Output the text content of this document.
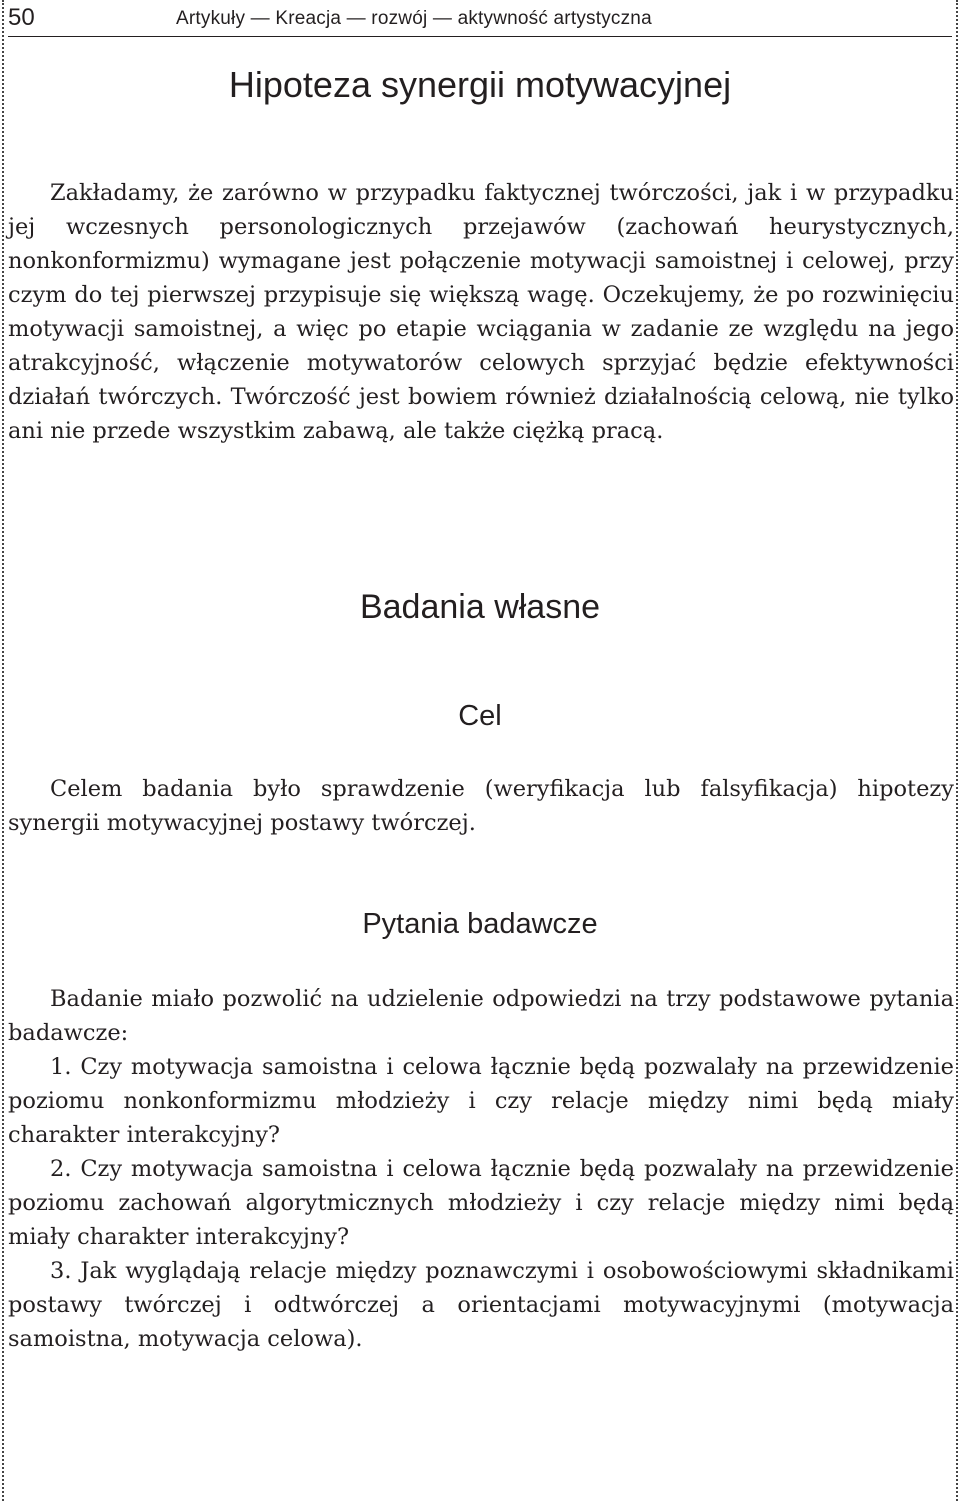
50	Artykuły — Kreacja — rozwój — aktywność artystyczna
Hipoteza synergii motywacyjnej

Zakładamy, że zarówno w przypadku faktycznej twórczości, jak i w przypadku jej wczesnych personologicznych przejawów (zachowań heurystycznych, nonkonformizmu) wymagane jest połączenie motywacji samoistnej i celowej, przy czym do tej pierwszej przypisuje się większą wagę. Oczekujemy, że po rozwinięciu motywacji samoistnej, a więc po etapie wciągania w zadanie ze względu na jego atrakcyjność, włączenie motywatorów celowych sprzyjać będzie efektywności działań twórczych. Twórczość jest bowiem również działalnością celową, nie tylko ani nie przede wszystkim zabawą, ale także ciężką pracą.

Badania własne
Cel

Celem badania było sprawdzenie (weryfikacja lub falsyfikacja) hipotezy synergii motywacyjnej postawy twórczej.

Pytania badawcze

Badanie miało pozwolić na udzielenie odpowiedzi na trzy podstawowe pytania badawcze:

1. Czy motywacja samoistna i celowa łącznie będą pozwalały na przewidzenie poziomu nonkonformizmu młodzieży i czy relacje między nimi będą miały charakter interakcyjny?

2. Czy motywacja samoistna i celowa łącznie będą pozwalały na przewidzenie poziomu zachowań algorytmicznych młodzieży i czy relacje między nimi będą miały charakter interakcyjny?

3. Jak wyglądają relacje między poznawczymi i osobowościowymi składnikami postawy twórczej i odtwórczej a orientacjami motywacyjnymi (motywacja samoistna, motywacja celowa).
